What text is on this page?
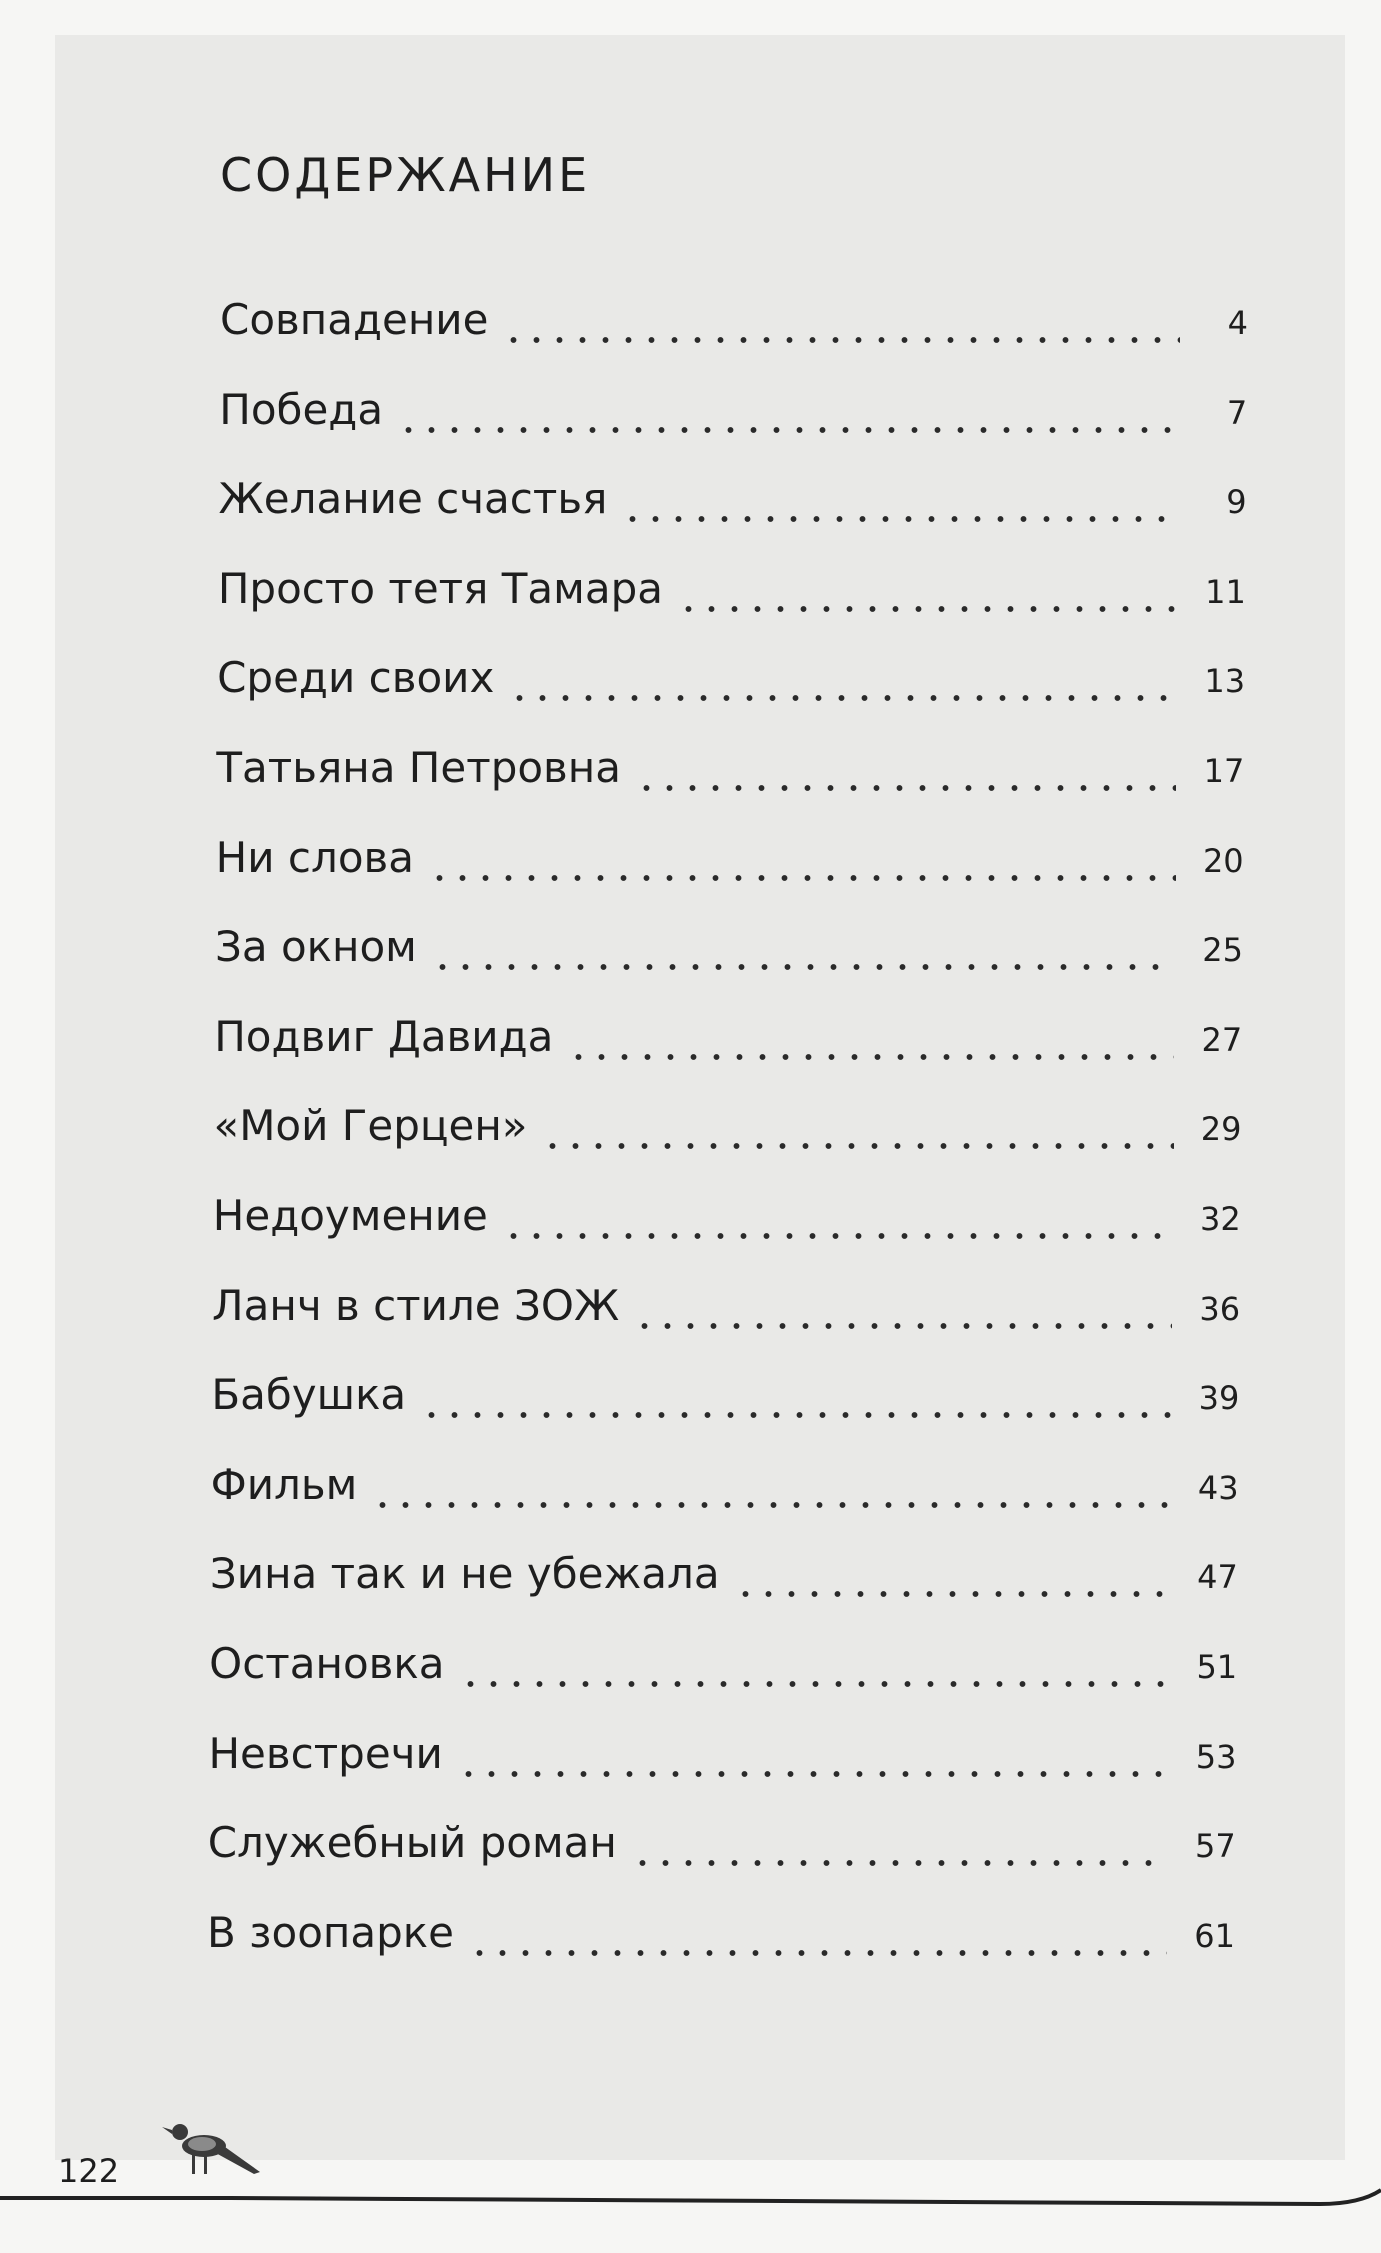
СОДЕРЖАНИЕ
Совпадение	4
Победа	7
Желание счастья	9
Просто тетя Тамара	11
Среди своих	13
Татьяна Петровна	17
Ни слова	20
За окном	25
Подвиг Давида	27
«Мой Герцен»	29
Недоумение	32
Ланч в стиле ЗОЖ	36
Бабушка	39
Фильм	43
Зина так и не убежала	47
Остановка	51
Невстречи	53
Служебный роман	57
В зоопарке	61
122
